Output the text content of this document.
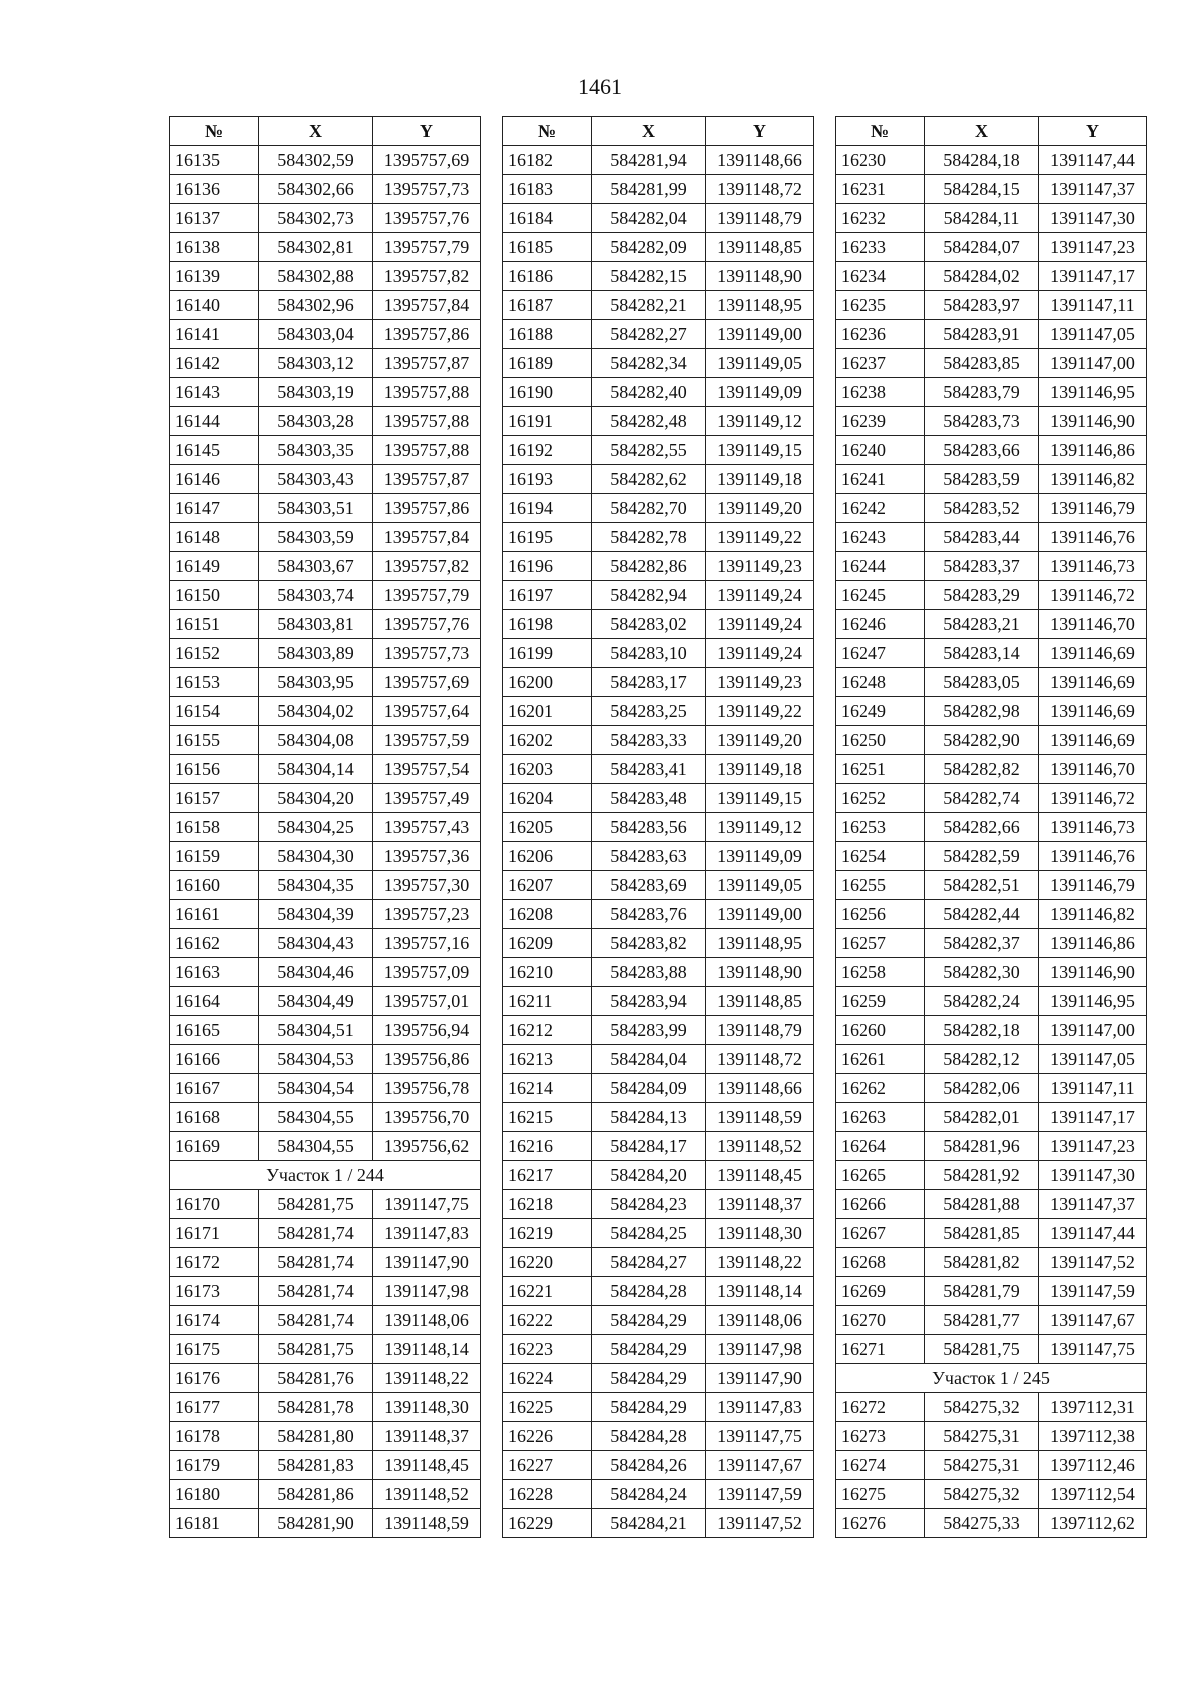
1461
№	X	Y
16135	584302,59	1395757,69
16136	584302,66	1395757,73
16137	584302,73	1395757,76
16138	584302,81	1395757,79
16139	584302,88	1395757,82
16140	584302,96	1395757,84
16141	584303,04	1395757,86
16142	584303,12	1395757,87
16143	584303,19	1395757,88
16144	584303,28	1395757,88
16145	584303,35	1395757,88
16146	584303,43	1395757,87
16147	584303,51	1395757,86
16148	584303,59	1395757,84
16149	584303,67	1395757,82
16150	584303,74	1395757,79
16151	584303,81	1395757,76
16152	584303,89	1395757,73
16153	584303,95	1395757,69
16154	584304,02	1395757,64
16155	584304,08	1395757,59
16156	584304,14	1395757,54
16157	584304,20	1395757,49
16158	584304,25	1395757,43
16159	584304,30	1395757,36
16160	584304,35	1395757,30
16161	584304,39	1395757,23
16162	584304,43	1395757,16
16163	584304,46	1395757,09
16164	584304,49	1395757,01
16165	584304,51	1395756,94
16166	584304,53	1395756,86
16167	584304,54	1395756,78
16168	584304,55	1395756,70
16169	584304,55	1395756,62
Участок 1 / 244		
16170	584281,75	1391147,75
16171	584281,74	1391147,83
16172	584281,74	1391147,90
16173	584281,74	1391147,98
16174	584281,74	1391148,06
16175	584281,75	1391148,14
16176	584281,76	1391148,22
16177	584281,78	1391148,30
16178	584281,80	1391148,37
16179	584281,83	1391148,45
16180	584281,86	1391148,52
16181	584281,90	1391148,59
№	X	Y
16182	584281,94	1391148,66
16183	584281,99	1391148,72
16184	584282,04	1391148,79
16185	584282,09	1391148,85
16186	584282,15	1391148,90
16187	584282,21	1391148,95
16188	584282,27	1391149,00
16189	584282,34	1391149,05
16190	584282,40	1391149,09
16191	584282,48	1391149,12
16192	584282,55	1391149,15
16193	584282,62	1391149,18
16194	584282,70	1391149,20
16195	584282,78	1391149,22
16196	584282,86	1391149,23
16197	584282,94	1391149,24
16198	584283,02	1391149,24
16199	584283,10	1391149,24
16200	584283,17	1391149,23
16201	584283,25	1391149,22
16202	584283,33	1391149,20
16203	584283,41	1391149,18
16204	584283,48	1391149,15
16205	584283,56	1391149,12
16206	584283,63	1391149,09
16207	584283,69	1391149,05
16208	584283,76	1391149,00
16209	584283,82	1391148,95
16210	584283,88	1391148,90
16211	584283,94	1391148,85
16212	584283,99	1391148,79
16213	584284,04	1391148,72
16214	584284,09	1391148,66
16215	584284,13	1391148,59
16216	584284,17	1391148,52
16217	584284,20	1391148,45
16218	584284,23	1391148,37
16219	584284,25	1391148,30
16220	584284,27	1391148,22
16221	584284,28	1391148,14
16222	584284,29	1391148,06
16223	584284,29	1391147,98
16224	584284,29	1391147,90
16225	584284,29	1391147,83
16226	584284,28	1391147,75
16227	584284,26	1391147,67
16228	584284,24	1391147,59
16229	584284,21	1391147,52
№	X	Y
16230	584284,18	1391147,44
16231	584284,15	1391147,37
16232	584284,11	1391147,30
16233	584284,07	1391147,23
16234	584284,02	1391147,17
16235	584283,97	1391147,11
16236	584283,91	1391147,05
16237	584283,85	1391147,00
16238	584283,79	1391146,95
16239	584283,73	1391146,90
16240	584283,66	1391146,86
16241	584283,59	1391146,82
16242	584283,52	1391146,79
16243	584283,44	1391146,76
16244	584283,37	1391146,73
16245	584283,29	1391146,72
16246	584283,21	1391146,70
16247	584283,14	1391146,69
16248	584283,05	1391146,69
16249	584282,98	1391146,69
16250	584282,90	1391146,69
16251	584282,82	1391146,70
16252	584282,74	1391146,72
16253	584282,66	1391146,73
16254	584282,59	1391146,76
16255	584282,51	1391146,79
16256	584282,44	1391146,82
16257	584282,37	1391146,86
16258	584282,30	1391146,90
16259	584282,24	1391146,95
16260	584282,18	1391147,00
16261	584282,12	1391147,05
16262	584282,06	1391147,11
16263	584282,01	1391147,17
16264	584281,96	1391147,23
16265	584281,92	1391147,30
16266	584281,88	1391147,37
16267	584281,85	1391147,44
16268	584281,82	1391147,52
16269	584281,79	1391147,59
16270	584281,77	1391147,67
16271	584281,75	1391147,75
Участок 1 / 245		
16272	584275,32	1397112,31
16273	584275,31	1397112,38
16274	584275,31	1397112,46
16275	584275,32	1397112,54
16276	584275,33	1397112,62
